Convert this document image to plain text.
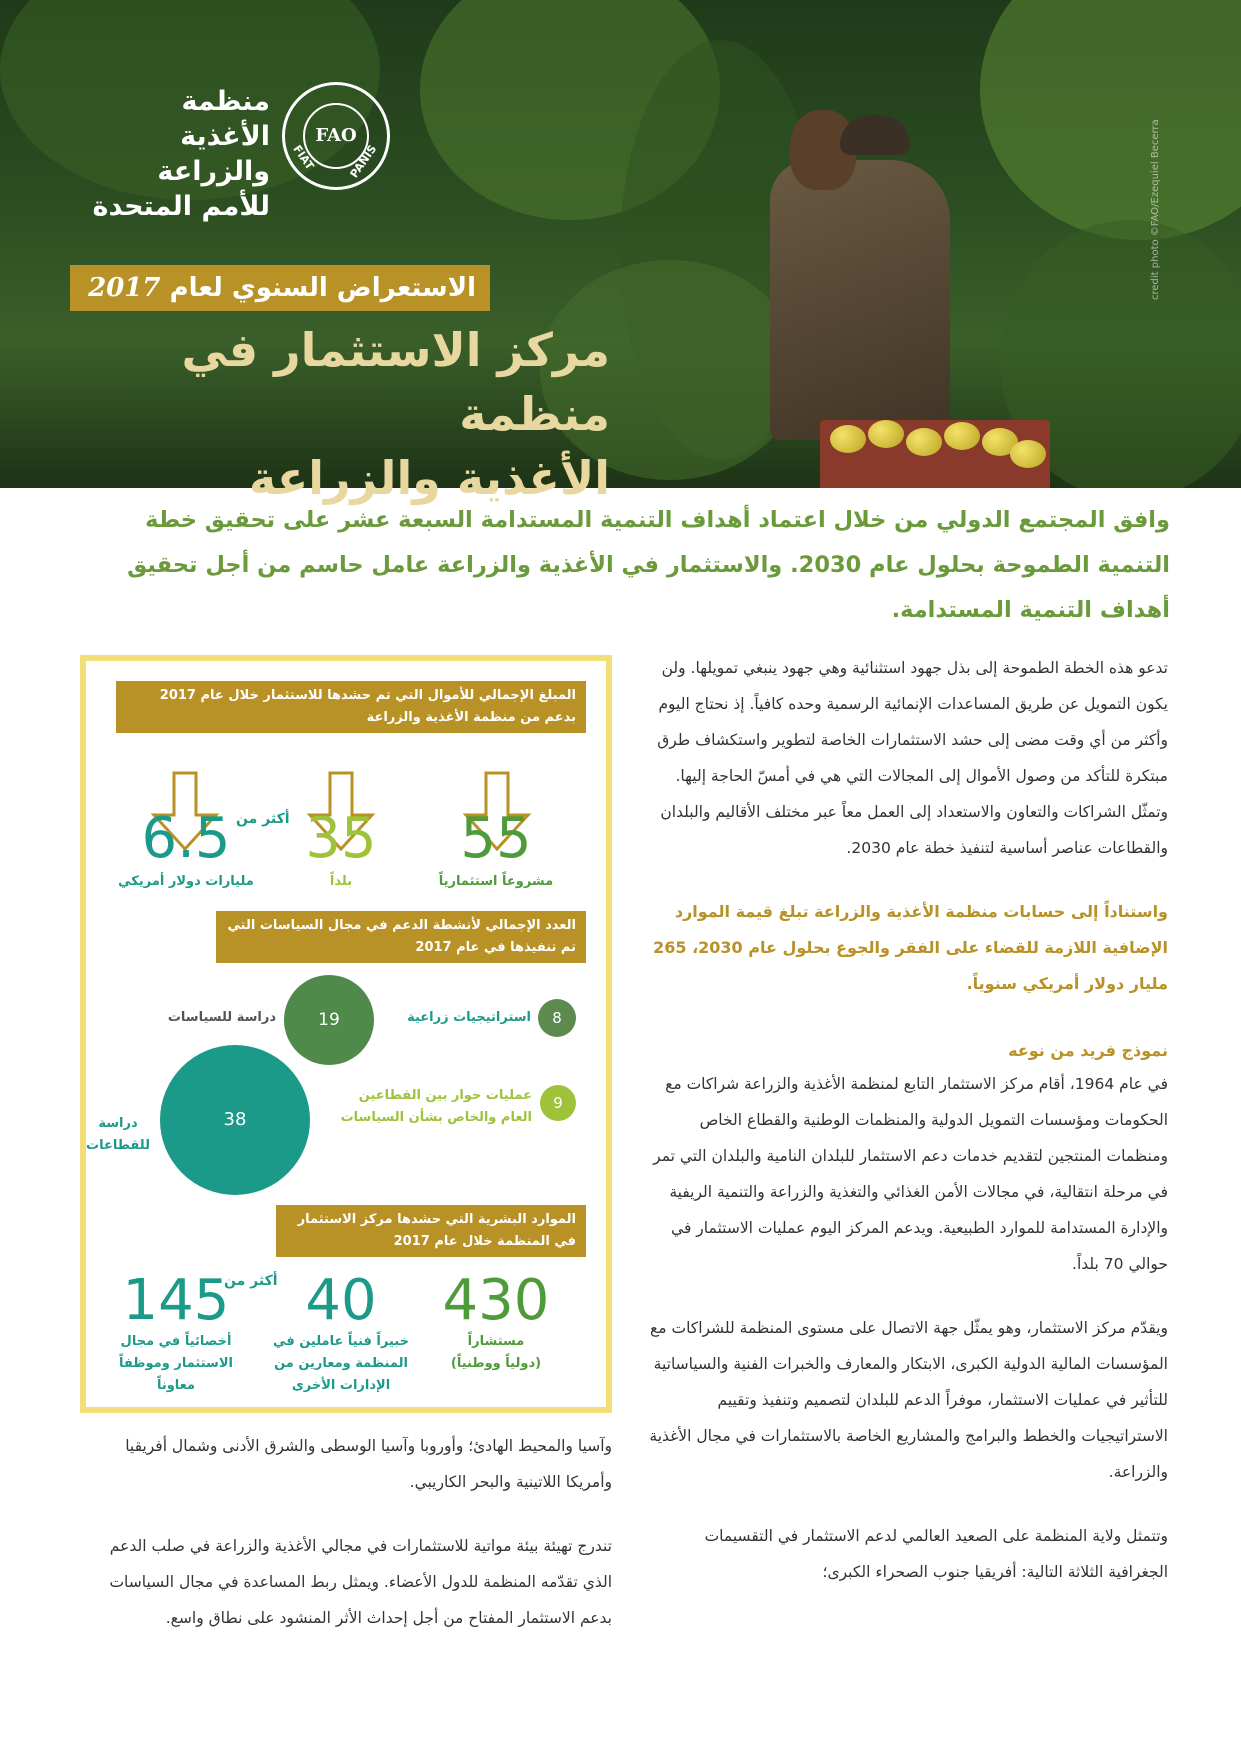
credit photo ©FAO/Ezequiel Becerra
FAO
FIAT	PANIS
منظمة
الأغذية والزراعة
للأمم المتحدة
الاستعراض السنوي لعام 2017
مركز الاستثمار في منظمة
الأغذية والزراعة
وافق المجتمع الدولي من خلال اعتماد أهداف التنمية المستدامة السبعة عشر على تحقيق خطة التنمية الطموحة بحلول عام 2030. والاستثمار في الأغذية والزراعة عامل حاسم من أجل تحقيق أهداف التنمية المستدامة.

تدعو هذه الخطة الطموحة إلى بذل جهود استثنائية وهي جهود ينبغي تمويلها. ولن يكون التمويل عن طريق المساعدات الإنمائية الرسمية وحده كافياً. إذ نحتاج اليوم وأكثر من أي وقت مضى إلى حشد الاستثمارات الخاصة لتطوير واستكشاف طرق مبتكرة للتأكد من وصول الأموال إلى المجالات التي هي في أمسّ الحاجة إليها. وتمثّل الشراكات والتعاون والاستعداد إلى العمل معاً عبر مختلف الأقاليم والبلدان والقطاعات عناصر أساسية لتنفيذ خطة عام 2030.

واستناداً إلى حسابات منظمة الأغذية والزراعة تبلغ قيمة الموارد الإضافية اللازمة للقضاء على الفقر والجوع بحلول عام 2030، 265 مليار دولار أمريكي سنوياً.

نموذج فريد من نوعه

في عام 1964، أقام مركز الاستثمار التابع لمنظمة الأغذية والزراعة شراكات مع الحكومات ومؤسسات التمويل الدولية والمنظمات الوطنية والقطاع الخاص ومنظمات المنتجين لتقديم خدمات دعم الاستثمار للبلدان النامية والبلدان التي تمر في مرحلة انتقالية، في مجالات الأمن الغذائي والتغذية والزراعة والتنمية الريفية والإدارة المستدامة للموارد الطبيعية. ويدعم المركز اليوم عمليات الاستثمار في حوالي 70 بلداً.

ويقدّم مركز الاستثمار، وهو يمثّل جهة الاتصال على مستوى المنظمة للشراكات مع المؤسسات المالية الدولية الكبرى، الابتكار والمعارف والخبرات الفنية والسياساتية للتأثير في عمليات الاستثمار، موفراً الدعم للبلدان لتصميم وتنفيذ وتقييم الاستراتيجيات والخطط والبرامج والمشاريع الخاصة بالاستثمارات في مجال الأغذية والزراعة.

وتتمثل ولاية المنظمة على الصعيد العالمي لدعم الاستثمار في التقسيمات الجغرافية الثلاثة التالية: أفريقيا جنوب الصحراء الكبرى؛

المبلغ الإجمالي للأموال التي تم حشدها للاستثمار خلال عام 2017 بدعم من منظمة الأغذية والزراعة
6.5 أكثر من
مليارات دولار أمريكي
35
بلداً
55
مشروعاً استثمارياً
العدد الإجمالي لأنشطة الدعم في مجال السياسات التي تم تنفيذها في عام 2017
19
دراسة للسياسات	8
استراتيجيات زراعية
38
دراسة
للقطاعات
9
عمليات حوار بين القطاعين
العام والخاص بشأن السياسات
الموارد البشرية التي حشدها مركز الاستثمار في المنظمة خلال عام 2017
145
أكثر من
أخصائياً في مجال
الاستثمار وموظفاً
معاوناً
40
خبيراً فنياً عاملين في
المنظمة ومعارين من
الإدارات الأخرى
430
مستشاراً
(دولياً ووطنياً)

وآسيا والمحيط الهادئ؛ وأوروبا وآسيا الوسطى والشرق الأدنى وشمال أفريقيا وأمريكا اللاتينية والبحر الكاريبي.

تندرج تهيئة بيئة مواتية للاستثمارات في مجالي الأغذية والزراعة في صلب الدعم الذي تقدّمه المنظمة للدول الأعضاء. ويمثل ربط المساعدة في مجال السياسات بدعم الاستثمار المفتاح من أجل إحداث الأثر المنشود على نطاق واسع.
